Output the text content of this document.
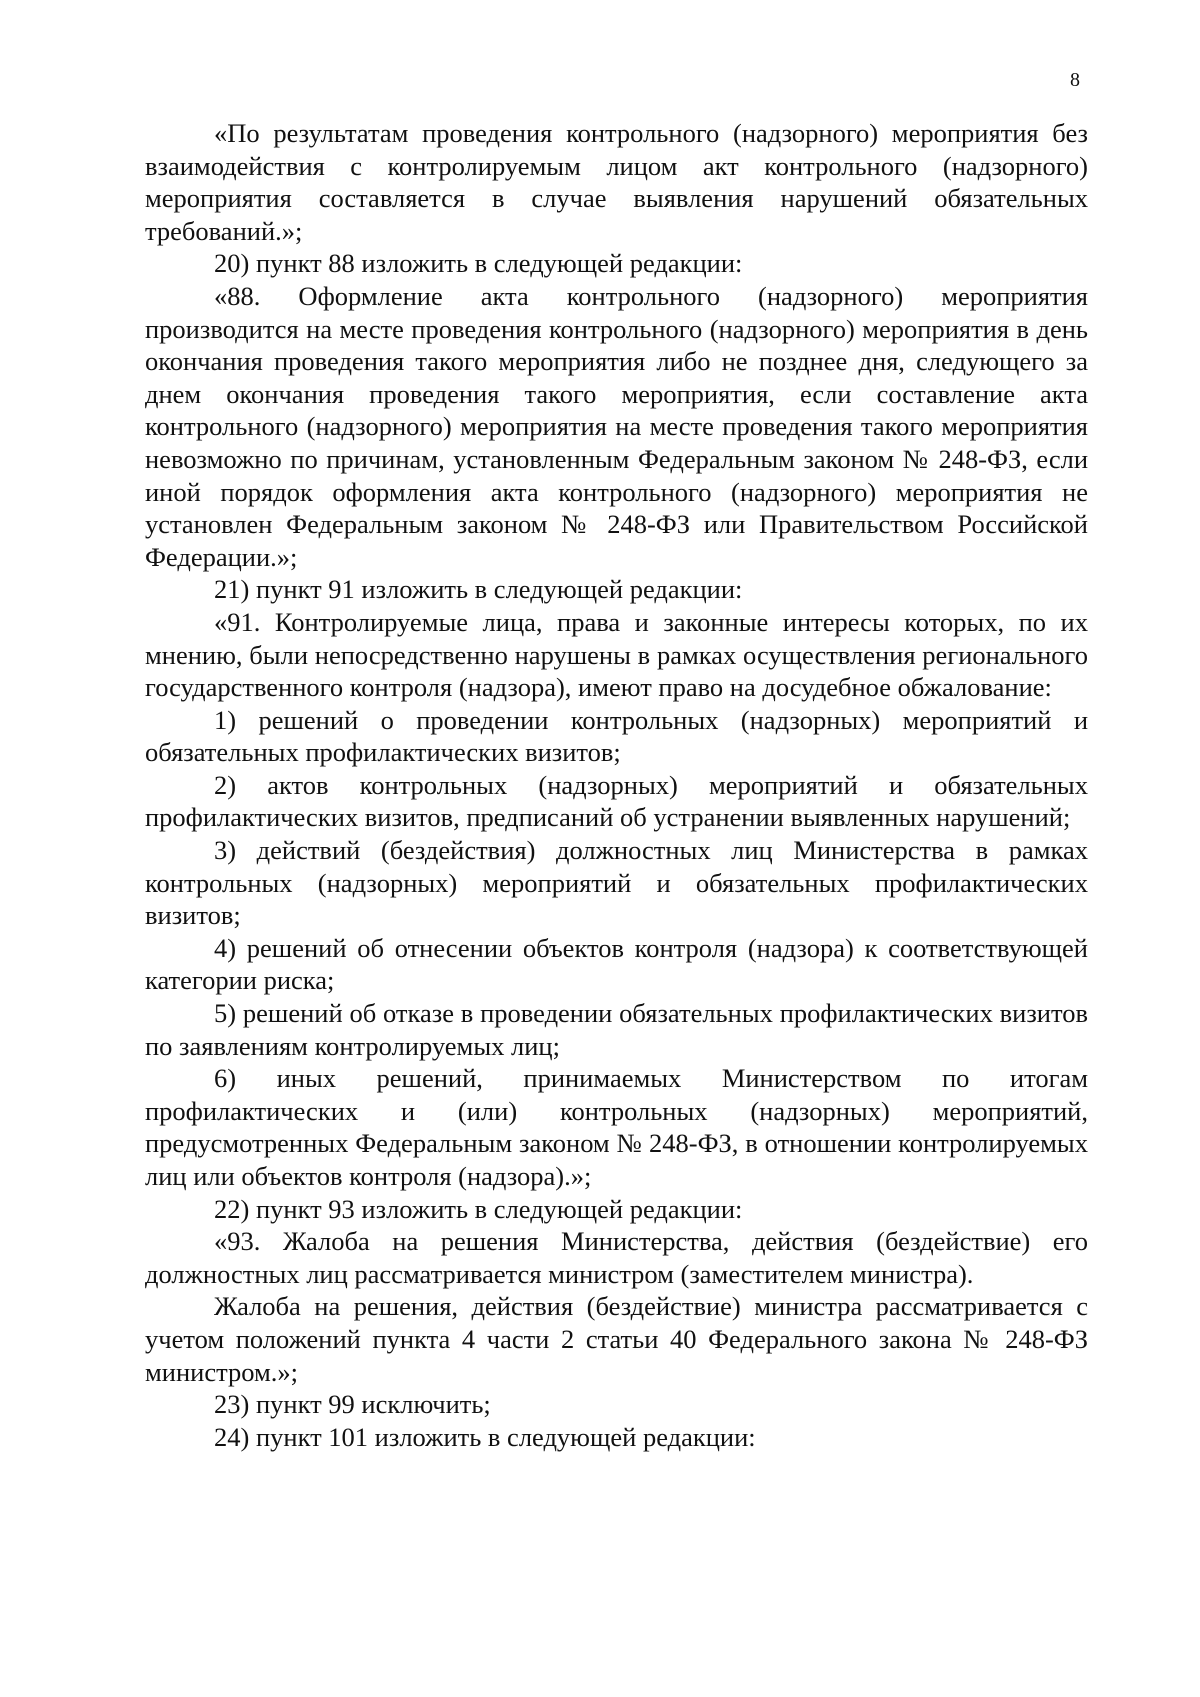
8

«По результатам проведения контрольного (надзорного) мероприятия без взаимодействия с контролируемым лицом акт контрольного (надзорного) мероприятия составляется в случае выявления нарушений обязательных требований.»;

20) пункт 88 изложить в следующей редакции:

«88. Оформление акта контрольного (надзорного) мероприятия производится на месте проведения контрольного (надзорного) мероприятия в день окончания проведения такого мероприятия либо не позднее дня, следующего за днем окончания проведения такого мероприятия, если составление акта контрольного (надзорного) мероприятия на месте проведения такого мероприятия невозможно по причинам, установленным Федеральным законом № 248-ФЗ, если иной порядок оформления акта контрольного (надзорного) мероприятия не установлен Федеральным законом № 248-ФЗ или Правительством Российской Федерации.»;

21) пункт 91 изложить в следующей редакции:

«91. Контролируемые лица, права и законные интересы которых, по их мнению, были непосредственно нарушены в рамках осуществления регионального государственного контроля (надзора), имеют право на досудебное обжалование:

1) решений о проведении контрольных (надзорных) мероприятий и обязательных профилактических визитов;

2) актов контрольных (надзорных) мероприятий и обязательных профилактических визитов, предписаний об устранении выявленных нарушений;

3) действий (бездействия) должностных лиц Министерства в рамках контрольных (надзорных) мероприятий и обязательных профилактических визитов;

4) решений об отнесении объектов контроля (надзора) к соответствующей категории риска;

5) решений об отказе в проведении обязательных профилактических визитов по заявлениям контролируемых лиц;

6) иных решений, принимаемых Министерством по итогам профилактических и (или) контрольных (надзорных) мероприятий, предусмотренных Федеральным законом № 248-ФЗ, в отношении контролируемых лиц или объектов контроля (надзора).»;

22) пункт 93 изложить в следующей редакции:

«93. Жалоба на решения Министерства, действия (бездействие) его должностных лиц рассматривается министром (заместителем министра).

Жалоба на решения, действия (бездействие) министра рассматривается с учетом положений пункта 4 части 2 статьи 40 Федерального закона № 248-ФЗ министром.»;

23) пункт 99 исключить;

24) пункт 101 изложить в следующей редакции:
